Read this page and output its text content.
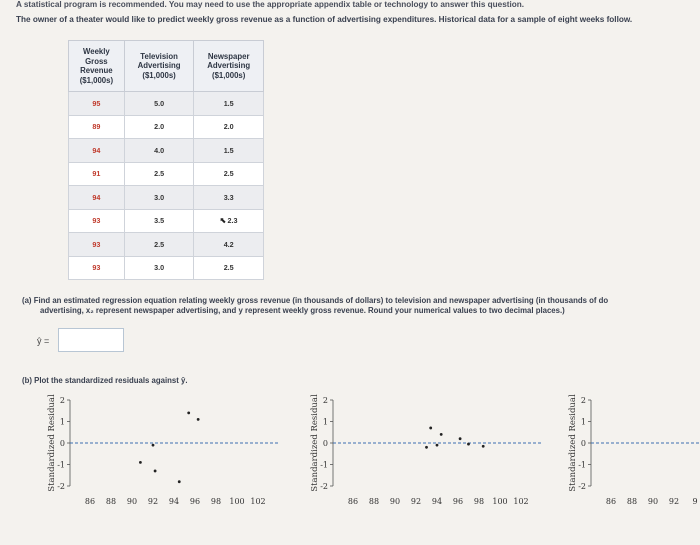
A statistical program is recommended. You may need to use the appropriate appendix table or technology to answer this question.
The owner of a theater would like to predict weekly gross revenue as a function of advertising expenditures. Historical data for a sample of eight weeks follow.
Weekly
Gross
Revenue
($1,000s)	Television
Advertising
($1,000s)	Newspaper
Advertising
($1,000s)
95	5.0	1.5
89	2.0	2.0
94	4.0	1.5
91	2.5	2.5
94	3.0	3.3
93	3.5	⬉2.3
93	2.5	4.2
93	3.0	2.5
(a) Find an estimated regression equation relating weekly gross revenue (in thousands of dollars) to television and newspaper advertising (in thousands of do
advertising, x₂ represent newspaper advertising, and y represent weekly gross revenue. Round your numerical values to two decimal places.)
ŷ =
(b) Plot the standardized residuals against ŷ.
Standardized Residual 2
1
0
-1
-2
86 88 90 92 94 96 98 100 102
Standardized Residual 2
1
0
-1
-2
86 88 90 92 94 96 98 100 102
Standardized Residual 2
1
0
-1
-2
86 88 90 92 9
